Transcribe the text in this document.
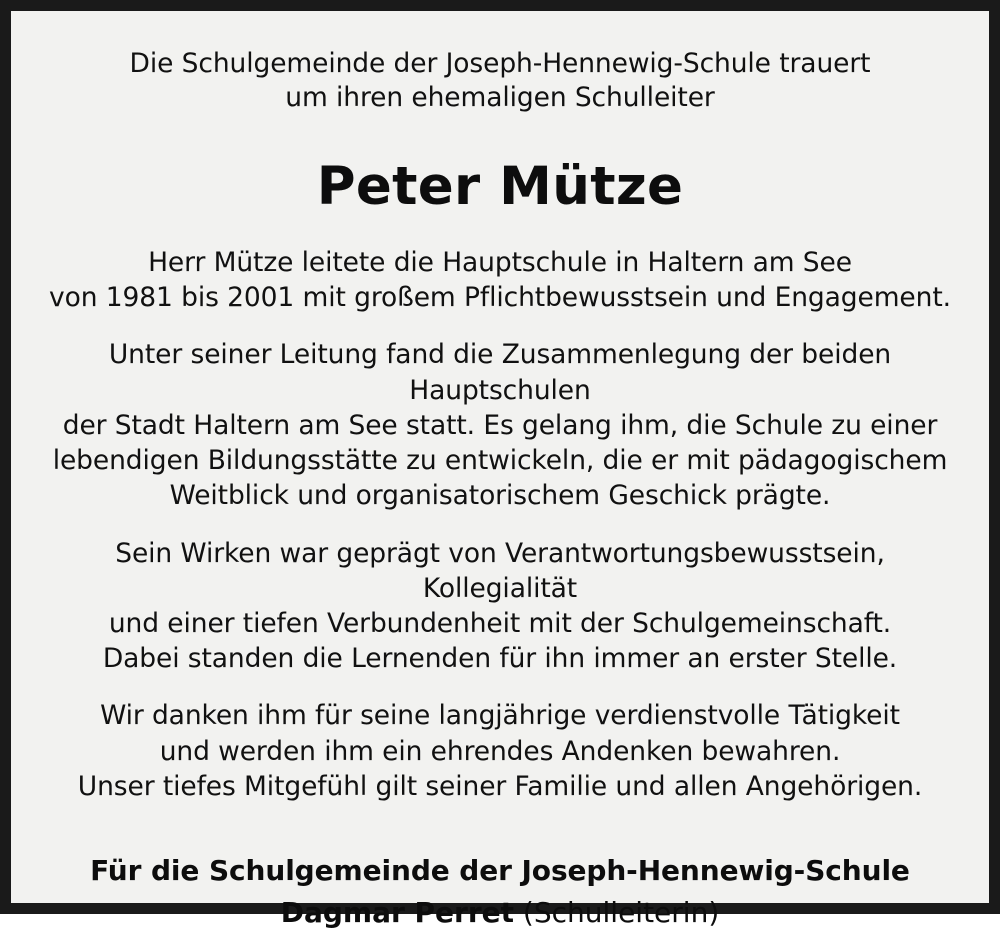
Die Schulgemeinde der Joseph-Hennewig-Schule trauert
um ihren ehemaligen Schulleiter
Peter Mütze
Herr Mütze leitete die Hauptschule in Haltern am See
von 1981 bis 2001 mit großem Pflichtbewusstsein und Engagement.
Unter seiner Leitung fand die Zusammenlegung der beiden Hauptschulen
der Stadt Haltern am See statt. Es gelang ihm, die Schule zu einer
lebendigen Bildungsstätte zu entwickeln, die er mit pädagogischem
Weitblick und organisatorischem Geschick prägte.
Sein Wirken war geprägt von Verantwortungsbewusstsein, Kollegialität
und einer tiefen Verbundenheit mit der Schulgemeinschaft.
Dabei standen die Lernenden für ihn immer an erster Stelle.
Wir danken ihm für seine langjährige verdienstvolle Tätigkeit
und werden ihm ein ehrendes Andenken bewahren.
Unser tiefes Mitgefühl gilt seiner Familie und allen Angehörigen.
Für die Schulgemeinde der Joseph-Hennewig-Schule
Dagmar Perret (Schulleiterin)
